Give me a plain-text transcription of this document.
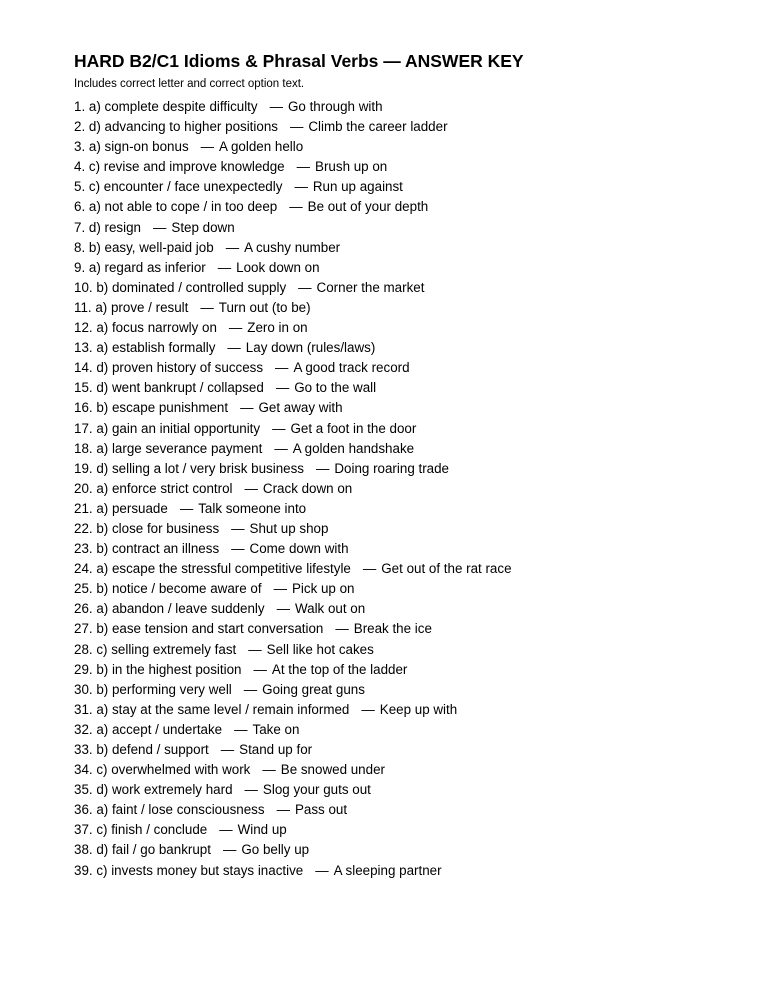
HARD B2/C1 Idioms & Phrasal Verbs — ANSWER KEY
Includes correct letter and correct option text.
1. a) complete despite difficulty — Go through with
2. d) advancing to higher positions — Climb the career ladder
3. a) sign-on bonus — A golden hello
4. c) revise and improve knowledge — Brush up on
5. c) encounter / face unexpectedly — Run up against
6. a) not able to cope / in too deep — Be out of your depth
7. d) resign — Step down
8. b) easy, well-paid job — A cushy number
9. a) regard as inferior — Look down on
10. b) dominated / controlled supply — Corner the market
11. a) prove / result — Turn out (to be)
12. a) focus narrowly on — Zero in on
13. a) establish formally — Lay down (rules/laws)
14. d) proven history of success — A good track record
15. d) went bankrupt / collapsed — Go to the wall
16. b) escape punishment — Get away with
17. a) gain an initial opportunity — Get a foot in the door
18. a) large severance payment — A golden handshake
19. d) selling a lot / very brisk business — Doing roaring trade
20. a) enforce strict control — Crack down on
21. a) persuade — Talk someone into
22. b) close for business — Shut up shop
23. b) contract an illness — Come down with
24. a) escape the stressful competitive lifestyle — Get out of the rat race
25. b) notice / become aware of — Pick up on
26. a) abandon / leave suddenly — Walk out on
27. b) ease tension and start conversation — Break the ice
28. c) selling extremely fast — Sell like hot cakes
29. b) in the highest position — At the top of the ladder
30. b) performing very well — Going great guns
31. a) stay at the same level / remain informed — Keep up with
32. a) accept / undertake — Take on
33. b) defend / support — Stand up for
34. c) overwhelmed with work — Be snowed under
35. d) work extremely hard — Slog your guts out
36. a) faint / lose consciousness — Pass out
37. c) finish / conclude — Wind up
38. d) fail / go bankrupt — Go belly up
39. c) invests money but stays inactive — A sleeping partner
